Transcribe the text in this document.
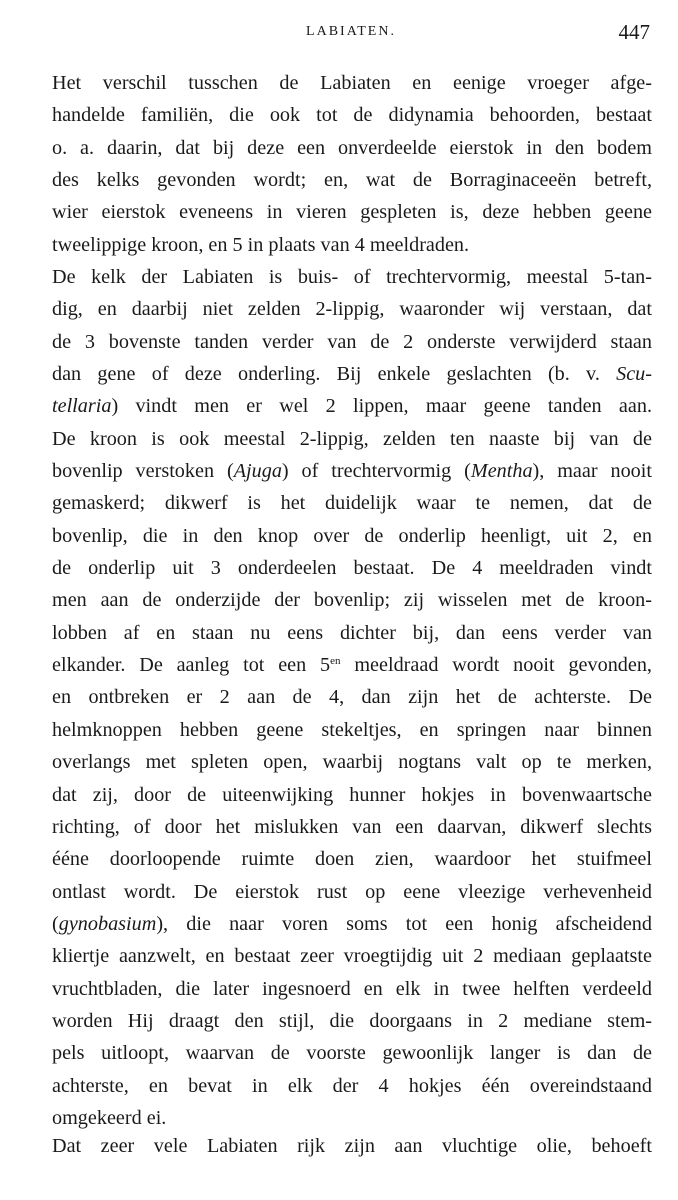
LABIATEN.	447
Het verschil tusschen de Labiaten en eenige vroeger afge-
handelde familiën, die ook tot de didynamia behoorden, bestaat
o. a. daarin, dat bij deze een onverdeelde eierstok in den bodem
des kelks gevonden wordt; en, wat de Borraginaceeën betreft,
wier eierstok eveneens in vieren gespleten is, deze hebben geene
tweelippige kroon, en 5 in plaats van 4 meeldraden.
De kelk der Labiaten is buis- of trechtervormig, meestal 5-tan-
dig, en daarbij niet zelden 2-lippig, waaronder wij verstaan, dat
de 3 bovenste tanden verder van de 2 onderste verwijderd staan
dan gene of deze onderling. Bij enkele geslachten (b. v. Scu-
tellaria) vindt men er wel 2 lippen, maar geene tanden aan.
De kroon is ook meestal 2-lippig, zelden ten naaste bij van de
bovenlip verstoken (Ajuga) of trechtervormig (Mentha), maar nooit
gemaskerd; dikwerf is het duidelijk waar te nemen, dat de
bovenlip, die in den knop over de onderlip heenligt, uit 2, en
de onderlip uit 3 onderdeelen bestaat. De 4 meeldraden vindt
men aan de onderzijde der bovenlip; zij wisselen met de kroon-
lobben af en staan nu eens dichter bij, dan eens verder van
elkander. De aanleg tot een $5^{en}$ meeldraad wordt nooit gevonden,
en ontbreken er 2 aan de 4, dan zijn het de achterste. De
helmknoppen hebben geene stekeltjes, en springen naar binnen
overlangs met spleten open, waarbij nogtans valt op te merken,
dat zij, door de uiteenwijking hunner hokjes in bovenwaartsche
richting, of door het mislukken van een daarvan, dikwerf slechts
ééne doorloopende ruimte doen zien, waardoor het stuifmeel
ontlast wordt. De eierstok rust op eene vleezige verhevenheid
(gynobasium), die naar voren soms tot een honig afscheidend
kliertje aanzwelt, en bestaat zeer vroegtijdig uit 2 mediaan geplaatste
vruchtbladen, die later ingesnoerd en elk in twee helften verdeeld
worden Hij draagt den stijl, die doorgaans in 2 mediane stem-
pels uitloopt, waarvan de voorste gewoonlijk langer is dan de
achterste, en bevat in elk der 4 hokjes één overeindstaand
omgekeerd ei.
Dat zeer vele Labiaten rijk zijn aan vluchtige olie, behoeft
